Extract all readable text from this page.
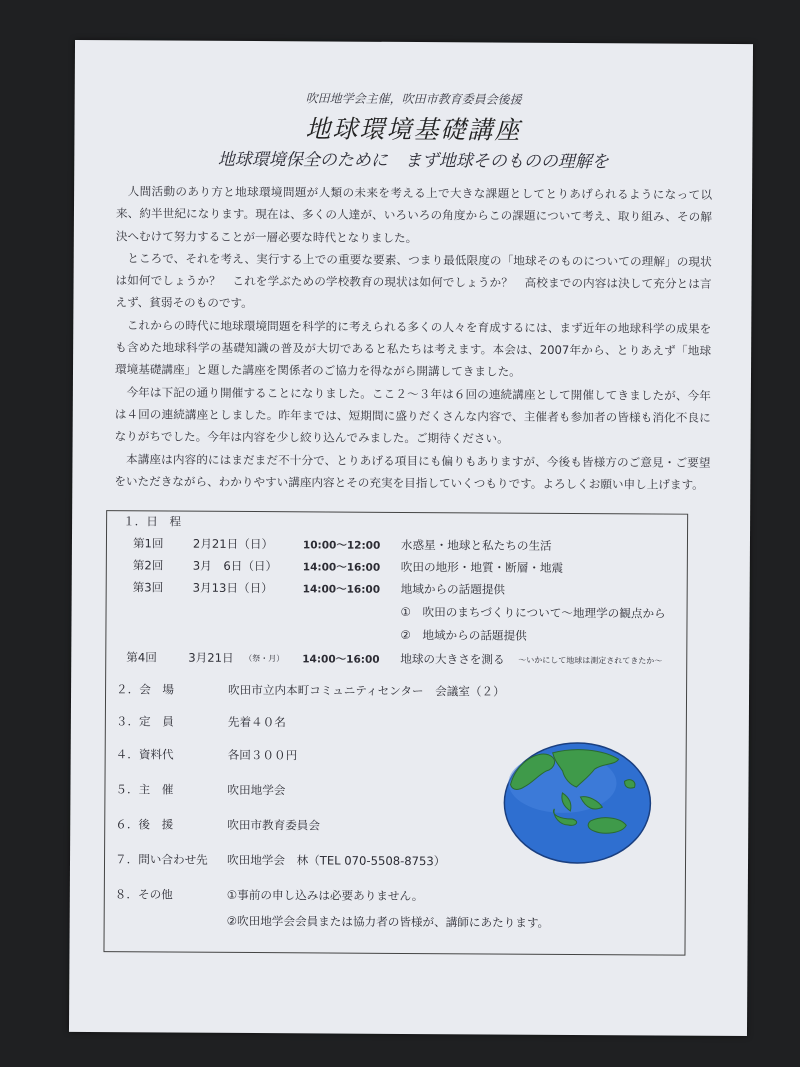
吹田地学会主催，吹田市教育委員会後援
地球環境基礎講座
地球環境保全のために　まず地球そのものの理解を

人間活動のあり方と地球環境問題が人類の未来を考える上で大きな課題としてとりあげられるようになって以来、約半世紀になります。現在は、多くの人達が、いろいろの角度からこの課題について考え、取り組み、その解決へむけて努力することが一層必要な時代となりました。

ところで、それを考え、実行する上での重要な要素、つまり最低限度の「地球そのものについての理解」の現状は如何でしょうか？　これを学ぶための学校教育の現状は如何でしょうか？　高校までの内容は決して充分とは言えず、貧弱そのものです。

これからの時代に地球環境問題を科学的に考えられる多くの人々を育成するには、まず近年の地球科学の成果をも含めた地球科学の基礎知識の普及が大切であると私たちは考えます。本会は、2007年から、とりあえず「地球環境基礎講座」と題した講座を関係者のご協力を得ながら開講してきました。

今年は下記の通り開催することになりました。ここ２～３年は６回の連続講座として開催してきましたが、今年は４回の連続講座としました。昨年までは、短期間に盛りだくさんな内容で、主催者も参加者の皆様も消化不良になりがちでした。今年は内容を少し絞り込んでみました。ご期待ください。

本講座は内容的にはまだまだ不十分で、とりあげる項目にも偏りもありますが、今後も皆様方のご意見・ご要望をいただきながら、わかりやすい講座内容とその充実を目指していくつもりです。よろしくお願い申し上げます。

１．日　程
第1回	2月21日（日）	10:00～12:00 水惑星・地球と私たちの生活
第2回	3月　6日（日） 14:00～16:00 吹田の地形・地質・断層・地震
第3回	3月13日（日）	14:00～16:00 地域からの話題提供
①　吹田のまちづくりについて～地理学の観点から
②　地域からの話題提供
第4回	3月21日 （祭・月） 14:00～16:00 地球の大きさを測る ～いかにして地球は測定されてきたか～
２．会　場	吹田市立内本町コミュニティセンター　会議室（２）
３．定　員	先着４０名
４．資料代	各回３００円
５．主　催	吹田地学会
６．後　援	吹田市教育委員会
７．問い合わせ先 吹田地学会　林（TEL 070-5508-8753）
８．その他	①事前の申し込みは必要ありません。
②吹田地学会会員または協力者の皆様が、講師にあたります。
